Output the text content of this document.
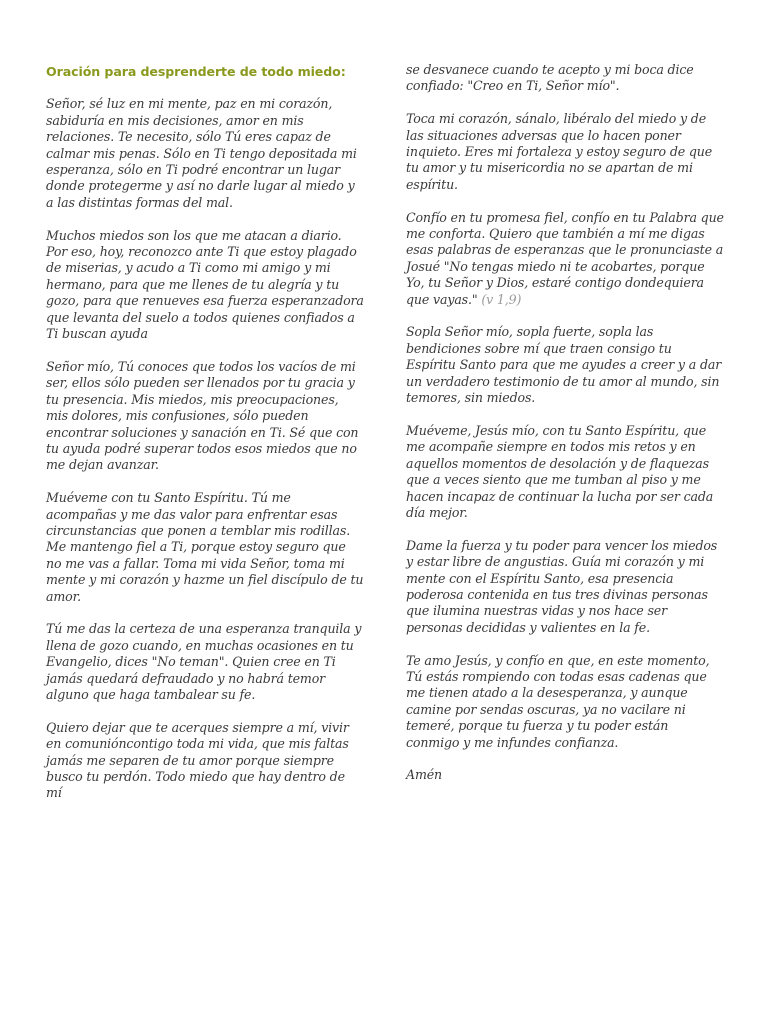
Oración para desprenderte de todo miedo:

Señor, sé luz en mi mente, paz en mi corazón, sabiduría en mis decisiones, amor en mis relaciones. Te necesito, sólo Tú eres capaz de calmar mis penas. Sólo en Ti tengo depositada mi esperanza, sólo en Ti podré encontrar un lugar donde protegerme y así no darle lugar al miedo y a las distintas formas del mal.

Muchos miedos son los que me atacan a diario. Por eso, hoy, reconozco ante Ti que estoy plagado de miserias, y acudo a Ti como mi amigo y mi hermano, para que me llenes de tu alegría y tu gozo, para que renueves esa fuerza esperanzadora que levanta del suelo a todos quienes confiados a Ti buscan ayuda

Señor mío, Tú conoces que todos los vacíos de mi ser, ellos sólo pueden ser llenados por tu gracia y tu presencia. Mis miedos, mis preocupaciones, mis dolores, mis confusiones, sólo pueden encontrar soluciones y sanación en Ti. Sé que con tu ayuda podré superar todos esos miedos que no me dejan avanzar.

Muéveme con tu Santo Espíritu. Tú me acompañas y me das valor para enfrentar esas circunstancias que ponen a temblar mis rodillas. Me mantengo fiel a Ti, porque estoy seguro que no me vas a fallar. Toma mi vida Señor, toma mi mente y mi corazón y hazme un fiel discípulo de tu amor.

Tú me das la certeza de una esperanza tranquila y llena de gozo cuando, en muchas ocasiones en tu Evangelio, dices "No teman". Quien cree en Ti jamás quedará defraudado y no habrá temor alguno que haga tambalear su fe.

Quiero dejar que te acerques siempre a mí, vivir en comuniόncontigo toda mi vida, que mis faltas jamás me separen de tu amor porque siempre busco tu perdón. Todo miedo que hay dentro de mí

se desvanece cuando te acepto y mi boca dice confiado: "Creo en Ti, Señor mío".

Toca mi corazón, sánalo, libéralo del miedo y de las situaciones adversas que lo hacen poner inquieto. Eres mi fortaleza y estoy seguro de que tu amor y tu misericordia no se apartan de mi espíritu.

Confío en tu promesa fiel, confío en tu Palabra que me conforta. Quiero que también a mí me digas esas palabras de esperanzas que le pronunciaste a Josué "No tengas miedo ni te acobartes, porque Yo, tu Señor y Dios, estaré contigo dondequiera que vayas." (v 1,9)

Sopla Señor mío, sopla fuerte, sopla las bendiciones sobre mí que traen consigo tu Espíritu Santo para que me ayudes a creer y a dar un verdadero testimonio de tu amor al mundo, sin temores, sin miedos.

Muéveme, Jesús mío, con tu Santo Espíritu, que me acompañe siempre en todos mis retos y en aquellos momentos de desolación y de flaquezas que a veces siento que me tumban al piso y me hacen incapaz de continuar la lucha por ser cada día mejor.

Dame la fuerza y tu poder para vencer los miedos y estar libre de angustias. Guía mi corazón y mi mente con el Espíritu Santo, esa presencia poderosa contenida en tus tres divinas personas que ilumina nuestras vidas y nos hace ser personas decididas y valientes en la fe.

Te amo Jesús, y confío en que, en este momento, Tú estás rompiendo con todas esas cadenas que me tienen atado a la desesperanza, y aunque camine por sendas oscuras, ya no vacilare ni temeré, porque tu fuerza y tu poder están conmigo y me infundes confianza.

Amén
